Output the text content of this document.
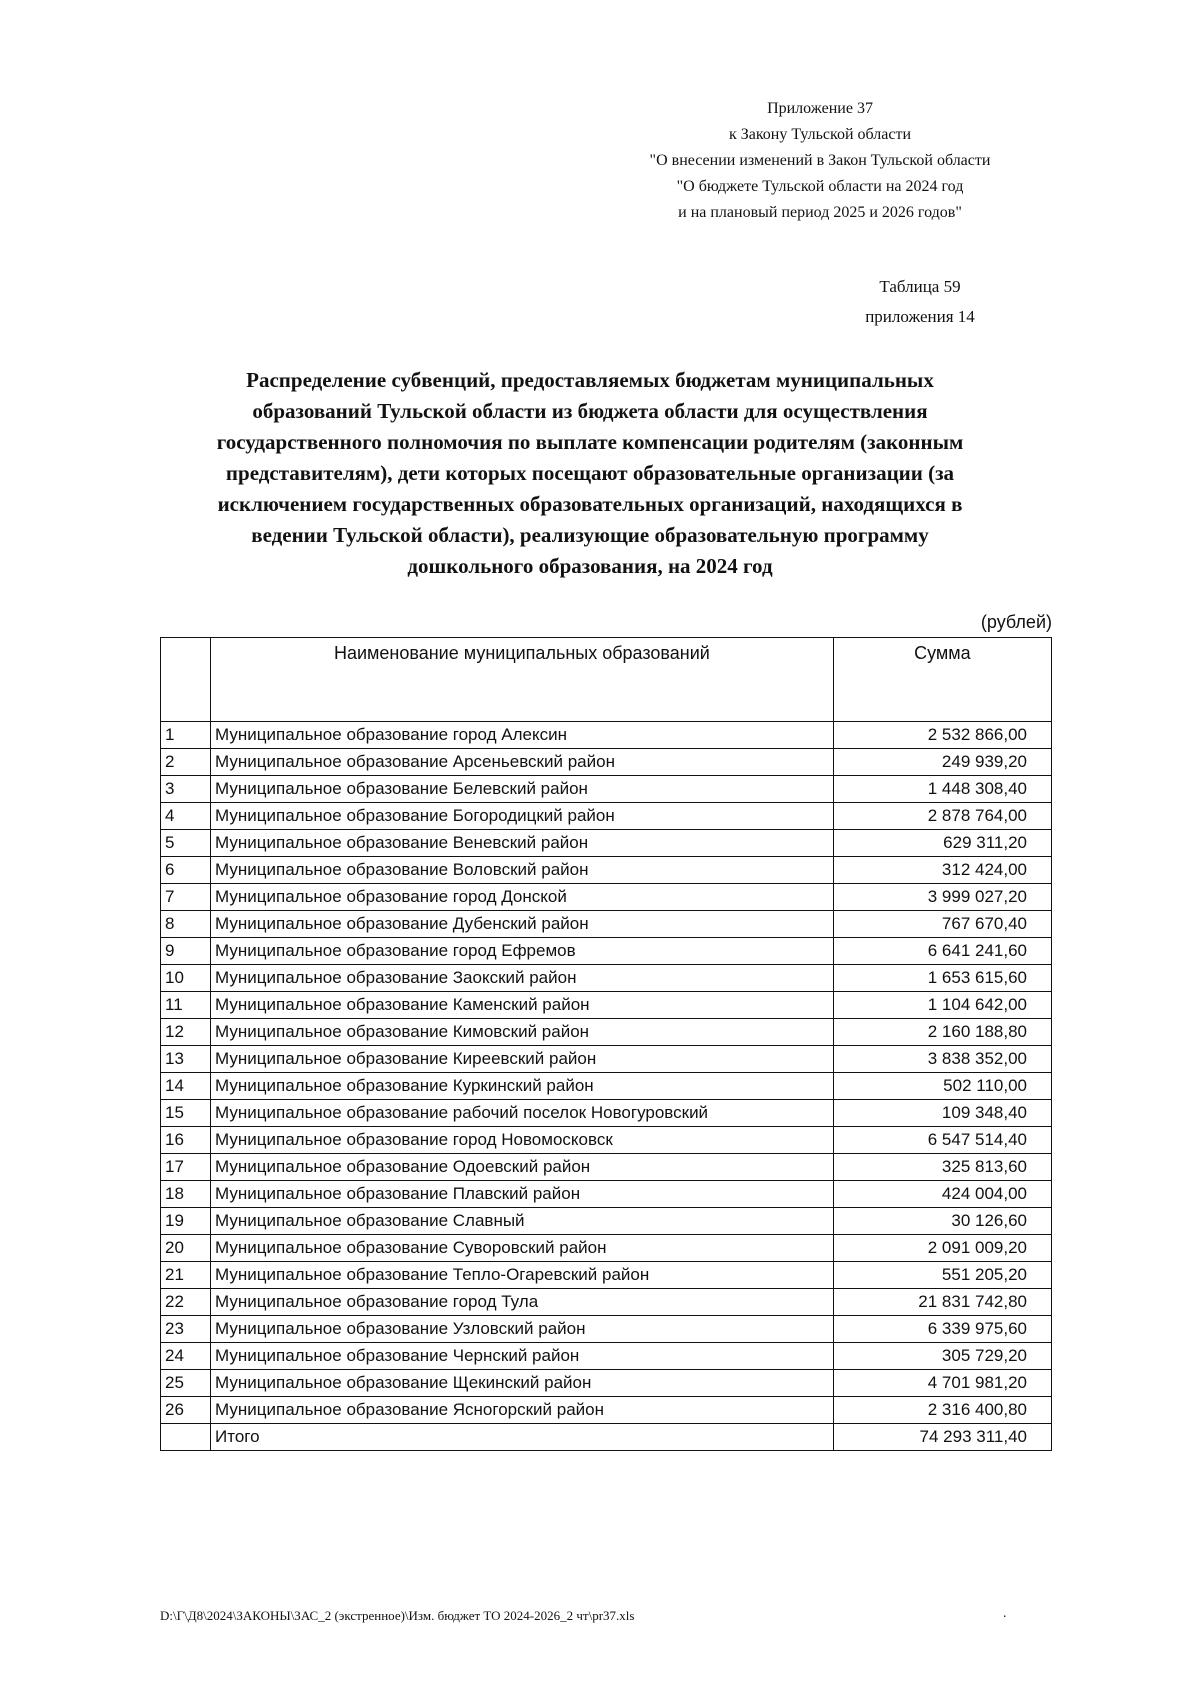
Приложение 37
к Закону Тульской области
"О внесении изменений в Закон Тульской области
"О бюджете Тульской области на 2024 год
и на плановый период 2025 и 2026 годов"
Таблица 59
приложения 14
Распределение субвенций, предоставляемых бюджетам муниципальных
образований Тульской области из бюджета области для осуществления
государственного полномочия по выплате компенсации родителям (законным
представителям), дети которых посещают образовательные организации (за
исключением государственных образовательных организаций, находящихся в
ведении Тульской области), реализующие образовательную программу
дошкольного образования, на 2024 год
(рублей)
	Наименование муниципальных образований	Сумма
1	Муниципальное образование город Алексин	2 532 866,00
2	Муниципальное образование Арсеньевский район	249 939,20
3	Муниципальное образование Белевский район	1 448 308,40
4	Муниципальное образование Богородицкий район	2 878 764,00
5	Муниципальное образование Веневский район	629 311,20
6	Муниципальное образование Воловский район	312 424,00
7	Муниципальное образование город Донской	3 999 027,20
8	Муниципальное образование Дубенский район	767 670,40
9	Муниципальное образование город Ефремов	6 641 241,60
10	Муниципальное образование Заокский район	1 653 615,60
11	Муниципальное образование Каменский район	1 104 642,00
12	Муниципальное образование Кимовский район	2 160 188,80
13	Муниципальное образование Киреевский район	3 838 352,00
14	Муниципальное образование Куркинский район	502 110,00
15	Муниципальное образование рабочий поселок Новогуровский	109 348,40
16	Муниципальное образование город Новомосковск	6 547 514,40
17	Муниципальное образование Одоевский район	325 813,60
18	Муниципальное образование Плавский район	424 004,00
19	Муниципальное образование Славный	30 126,60
20	Муниципальное образование Суворовский район	2 091 009,20
21	Муниципальное образование Тепло-Огаревский район	551 205,20
22	Муниципальное образование город Тула	21 831 742,80
23	Муниципальное образование Узловский район	6 339 975,60
24	Муниципальное образование Чернский район	305 729,20
25	Муниципальное образование Щекинский район	4 701 981,20
26	Муниципальное образование Ясногорский район	2 316 400,80
	Итого	74 293 311,40
D:\Г\Д8\2024\ЗАКОНЫ\ЗАС_2 (экстренное)\Изм. бюджет ТО 2024-2026_2 чт\pr37.xls	.
